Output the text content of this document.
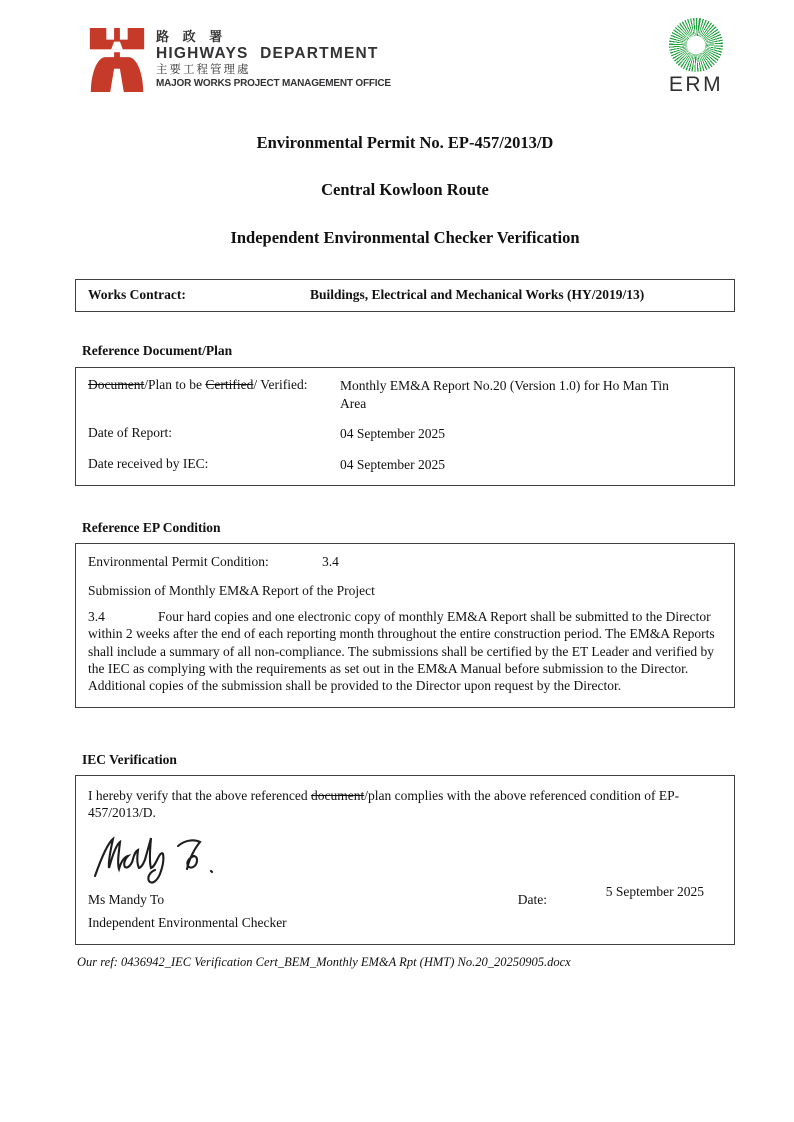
路 政 署
HIGHWAYS DEPARTMENT
主要工程管理處
MAJOR WORKS PROJECT MANAGEMENT OFFICE	ERM
Environmental Permit No. EP-457/2013/D
Central Kowloon Route
Independent Environmental Checker Verification
Works Contract:	Buildings, Electrical and Mechanical Works (HY/2019/13)
Reference Document/Plan
Document/Plan to be Certified/ Verified:	Monthly EM&A Report No.20 (Version 1.0) for Ho Man Tin Area
Date of Report:	04 September 2025
Date received by IEC:	04 September 2025
Reference EP Condition
Environmental Permit Condition:	3.4

Submission of Monthly EM&A Report of the Project

3.4	Four hard copies and one electronic copy of monthly EM&A Report shall be submitted to the Director within 2 weeks after the end of each reporting month throughout the entire construction period. The EM&A Reports shall include a summary of all non-compliance. The submissions shall be certified by the ET Leader and verified by the IEC as complying with the requirements as set out in the EM&A Manual before submission to the Director. Additional copies of the submission shall be provided to the Director upon request by the Director.

IEC Verification

I hereby verify that the above referenced document/plan complies with the above referenced condition of EP-457/2013/D.

Ms Mandy To	Date:
5 September 2025
Independent Environmental Checker
Our ref: 0436942_IEC Verification Cert_BEM_Monthly EM&A Rpt (HMT) No.20_20250905.docx
